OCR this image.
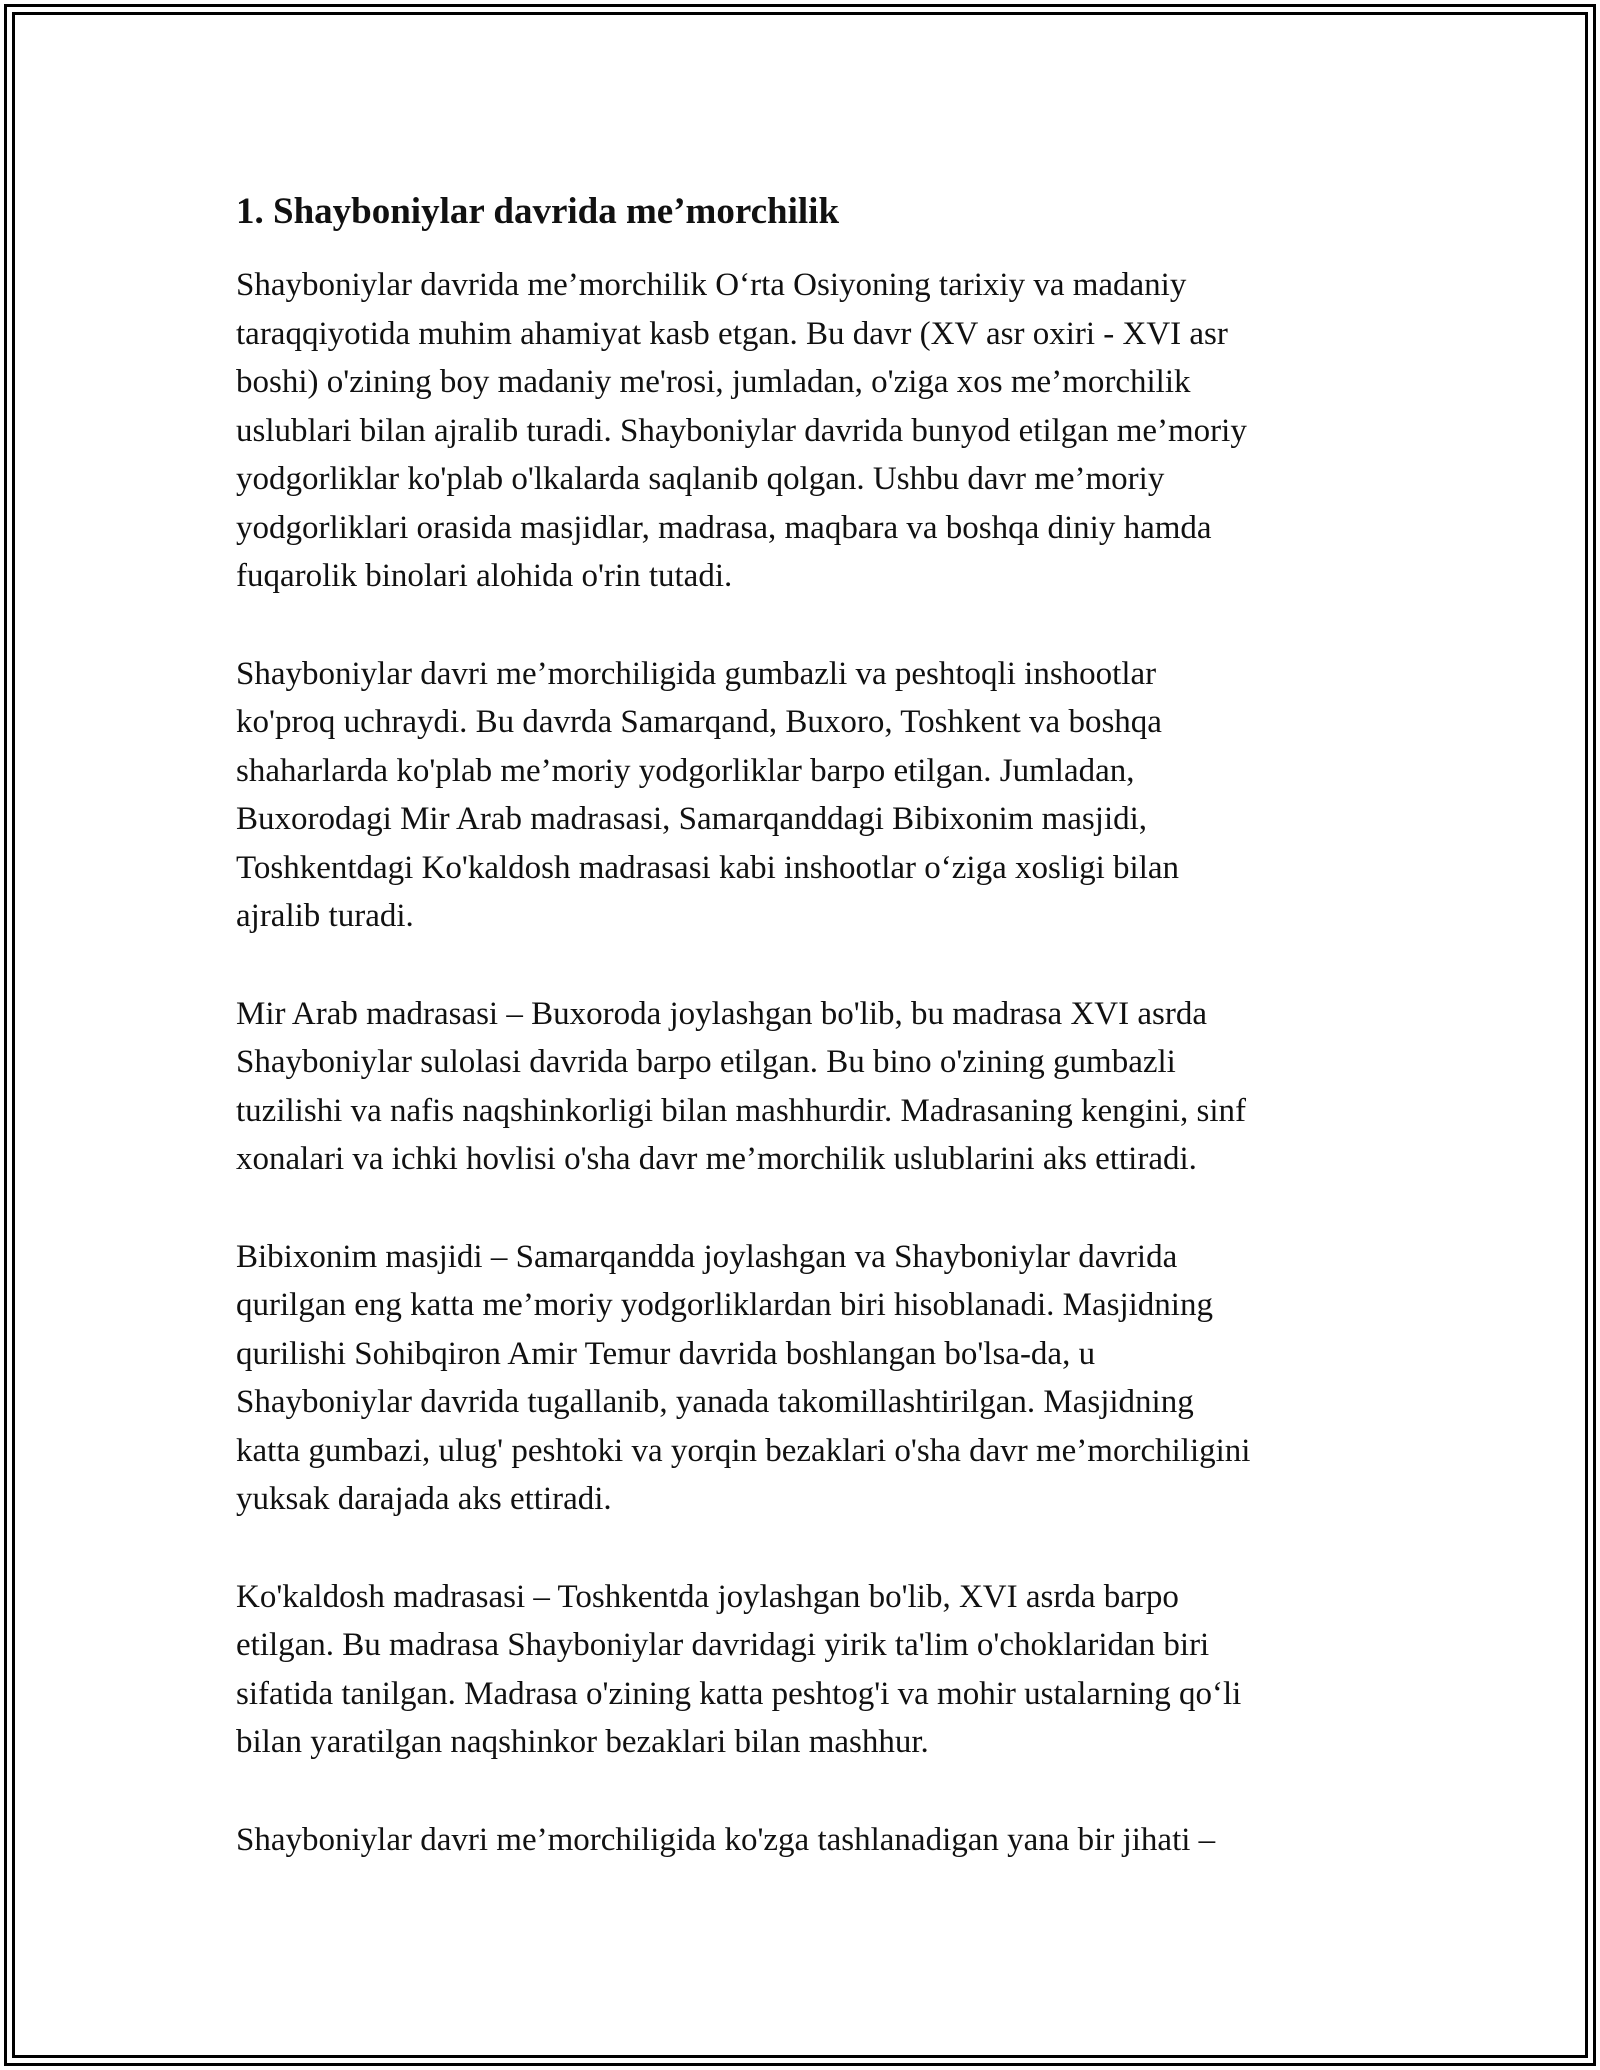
1. Shayboniylar davrida me’morchilik

Shayboniylar davrida me’morchilik O‘rta Osiyoning tarixiy va madaniy
taraqqiyotida muhim ahamiyat kasb etgan. Bu davr (XV asr oxiri - XVI asr
boshi) o'zining boy madaniy me'rosi, jumladan, o'ziga xos me’morchilik
uslublari bilan ajralib turadi. Shayboniylar davrida bunyod etilgan me’moriy
yodgorliklar ko'plab o'lkalarda saqlanib qolgan. Ushbu davr me’moriy
yodgorliklari orasida masjidlar, madrasa, maqbara va boshqa diniy hamda
fuqarolik binolari alohida o'rin tutadi.

Shayboniylar davri me’morchiligida gumbazli va peshtoqli inshootlar
ko'proq uchraydi. Bu davrda Samarqand, Buxoro, Toshkent va boshqa
shaharlarda ko'plab me’moriy yodgorliklar barpo etilgan. Jumladan,
Buxorodagi Mir Arab madrasasi, Samarqanddagi Bibixonim masjidi,
Toshkentdagi Ko'kaldosh madrasasi kabi inshootlar o‘ziga xosligi bilan
ajralib turadi.

Mir Arab madrasasi – Buxoroda joylashgan bo'lib, bu madrasa XVI asrda
Shayboniylar sulolasi davrida barpo etilgan. Bu bino o'zining gumbazli
tuzilishi va nafis naqshinkorligi bilan mashhurdir. Madrasaning kengini, sinf
xonalari va ichki hovlisi o'sha davr me’morchilik uslublarini aks ettiradi.

Bibixonim masjidi – Samarqandda joylashgan va Shayboniylar davrida
qurilgan eng katta me’moriy yodgorliklardan biri hisoblanadi. Masjidning
qurilishi Sohibqiron Amir Temur davrida boshlangan bo'lsa-da, u
Shayboniylar davrida tugallanib, yanada takomillashtirilgan. Masjidning
katta gumbazi, ulug' peshtoki va yorqin bezaklari o'sha davr me’morchiligini
yuksak darajada aks ettiradi.

Ko'kaldosh madrasasi – Toshkentda joylashgan bo'lib, XVI asrda barpo
etilgan. Bu madrasa Shayboniylar davridagi yirik ta'lim o'choklaridan biri
sifatida tanilgan. Madrasa o'zining katta peshtog'i va mohir ustalarning qo‘li
bilan yaratilgan naqshinkor bezaklari bilan mashhur.

Shayboniylar davri me’morchiligida ko'zga tashlanadigan yana bir jihati –
